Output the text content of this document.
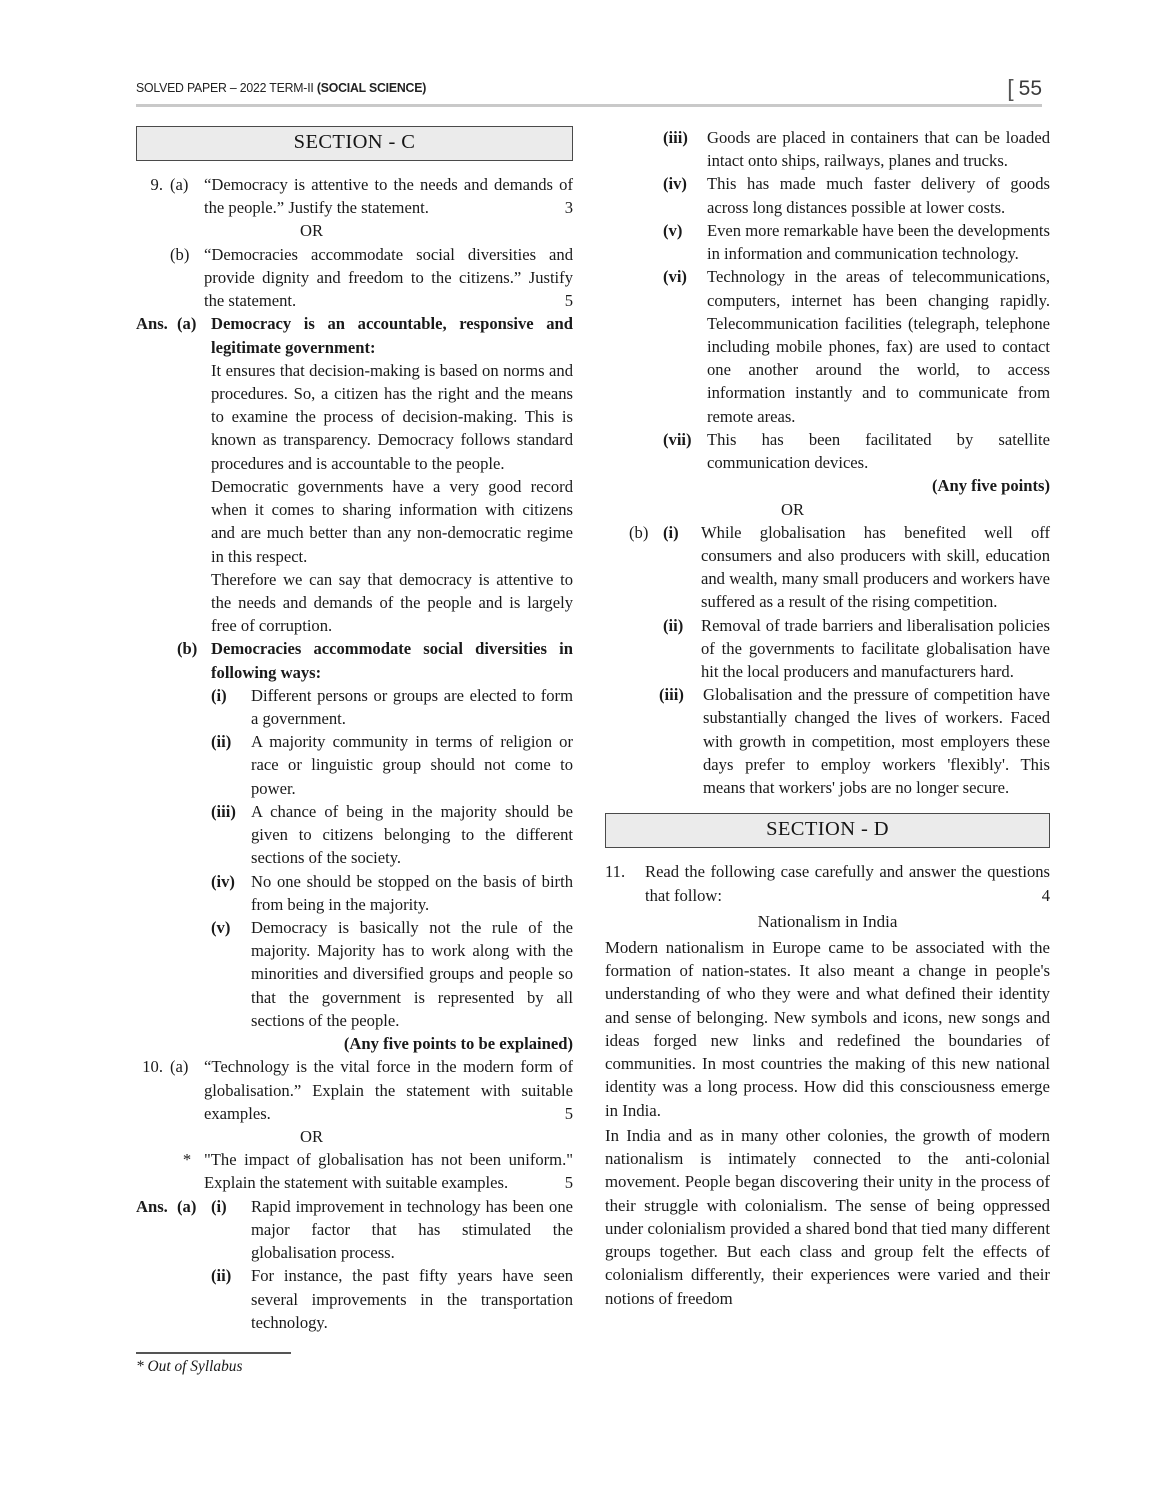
SOLVED PAPER – 2022 TERM-II (SOCIAL SCIENCE)	[ 55
SECTION - C
9. (a) “Democracy is attentive to the needs and demands of the people.” Justify the statement.	3
OR
(b) “Democracies accommodate social diversities and provide dignity and freedom to the citizens.” Justify the statement.	5
Ans. (a) Democracy is an accountable, responsive and legitimate government:
It ensures that decision-making is based on norms and procedures. So, a citizen has the right and the means to examine the process of decision-making. This is known as transparency. Democracy follows standard procedures and is accountable to the people.
Democratic governments have a very good record when it comes to sharing information with citizens and are much better than any non-democratic regime in this respect.
Therefore we can say that democracy is attentive to the needs and demands of the people and is largely free of corruption.
(b) Democracies accommodate social diversities in following ways:
(i)	Different persons or groups are elected to form a government.
(ii)	A majority community in terms of religion or race or linguistic group should not come to power.
(iii) A chance of being in the majority should be given to citizens belonging to the different sections of the society.
(iv) No one should be stopped on the basis of birth from being in the majority.
(v)	Democracy is basically not the rule of the majority. Majority has to work along with the minorities and diversified groups and people so that the government is represented by all sections of the people.
(Any five points to be explained)
10. (a) “Technology is the vital force in the modern form of globalisation.” Explain the statement with suitable examples.	5
OR
* "The impact of globalisation has not been uniform." Explain the statement with suitable examples.	5
Ans. (a) (i)	Rapid improvement in technology has been one major factor that has stimulated the globalisation process.
(ii)	For instance, the past fifty years have seen several improvements in the transportation technology.
(iii)	Goods are placed in containers that can be loaded intact onto ships, railways, planes and trucks.
(iv)	This has made much faster delivery of goods across long distances possible at lower costs.
(v)	Even more remarkable have been the developments in information and communication technology.
(vi)	Technology in the areas of telecommunications, computers, internet has been changing rapidly. Telecommunication facilities (telegraph, telephone including mobile phones, fax) are used to contact one another around the world, to access information instantly and to communicate from remote areas.
(vii) This has been facilitated by satellite communication devices.
(Any five points)
OR
(b) (i)	While globalisation has benefited well off consumers and also producers with skill, education and wealth, many small producers and workers have suffered as a result of the rising competition.
(ii)	Removal of trade barriers and liberalisation policies of the governments to facilitate globalisation have hit the local producers and manufacturers hard.
(iii)	Globalisation and the pressure of competition have substantially changed the lives of workers. Faced with growth in competition, most employers these days prefer to employ workers 'flexibly'. This means that workers' jobs are no longer secure.
SECTION - D
11.	Read the following case carefully and answer the questions that follow:	4
Nationalism in India
Modern nationalism in Europe came to be associated with the formation of nation-states. It also meant a change in people's understanding of who they were and what defined their identity and sense of belonging. New symbols and icons, new songs and ideas forged new links and redefined the boundaries of communities. In most countries the making of this new national identity was a long process. How did this consciousness emerge in India.
In India and as in many other colonies, the growth of modern nationalism is intimately connected to the anti-colonial movement. People began discovering their unity in the process of their struggle with colonialism. The sense of being oppressed under colonialism provided a shared bond that tied many different groups together. But each class and group felt the effects of colonialism differently, their experiences were varied and their notions of freedom
* Out of Syllabus
